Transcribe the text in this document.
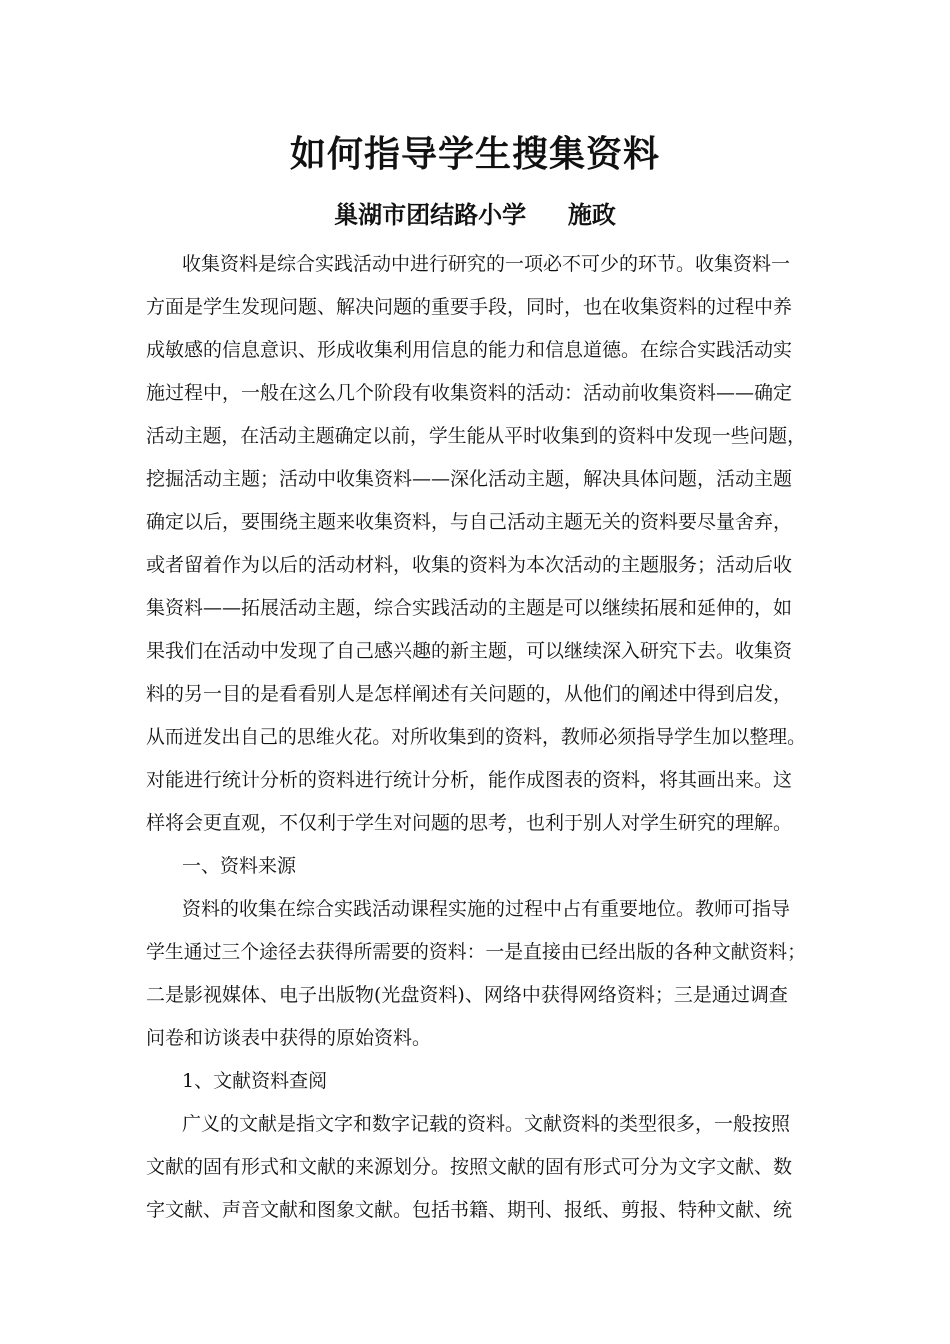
如何指导学生搜集资料
巢湖市团结路小学     施政
收集资料是综合实践活动中进行研究的一项必不可少的环节。收集资料一
方面是学生发现问题、解决问题的重要手段，同时，也在收集资料的过程中养
成敏感的信息意识、形成收集利用信息的能力和信息道德。在综合实践活动实
施过程中，一般在这么几个阶段有收集资料的活动：活动前收集资料——确定
活动主题，在活动主题确定以前，学生能从平时收集到的资料中发现一些问题，
挖掘活动主题；活动中收集资料——深化活动主题，解决具体问题，活动主题
确定以后，要围绕主题来收集资料，与自己活动主题无关的资料要尽量舍弃，
或者留着作为以后的活动材料，收集的资料为本次活动的主题服务；活动后收
集资料——拓展活动主题，综合实践活动的主题是可以继续拓展和延伸的，如
果我们在活动中发现了自己感兴趣的新主题，可以继续深入研究下去。收集资
料的另一目的是看看别人是怎样阐述有关问题的，从他们的阐述中得到启发，
从而迸发出自己的思维火花。对所收集到的资料，教师必须指导学生加以整理。
对能进行统计分析的资料进行统计分析，能作成图表的资料，将其画出来。这
样将会更直观，不仅利于学生对问题的思考，也利于别人对学生研究的理解。
一、资料来源
资料的收集在综合实践活动课程实施的过程中占有重要地位。教师可指导
学生通过三个途径去获得所需要的资料：一是直接由已经出版的各种文献资料；
二是影视媒体、电子出版物(光盘资料)、网络中获得网络资料；三是通过调查
问卷和访谈表中获得的原始资料。
1、文献资料查阅
广义的文献是指文字和数字记载的资料。文献资料的类型很多，一般按照
文献的固有形式和文献的来源划分。按照文献的固有形式可分为文字文献、数
字文献、声音文献和图象文献。包括书籍、期刊、报纸、剪报、特种文献、统
